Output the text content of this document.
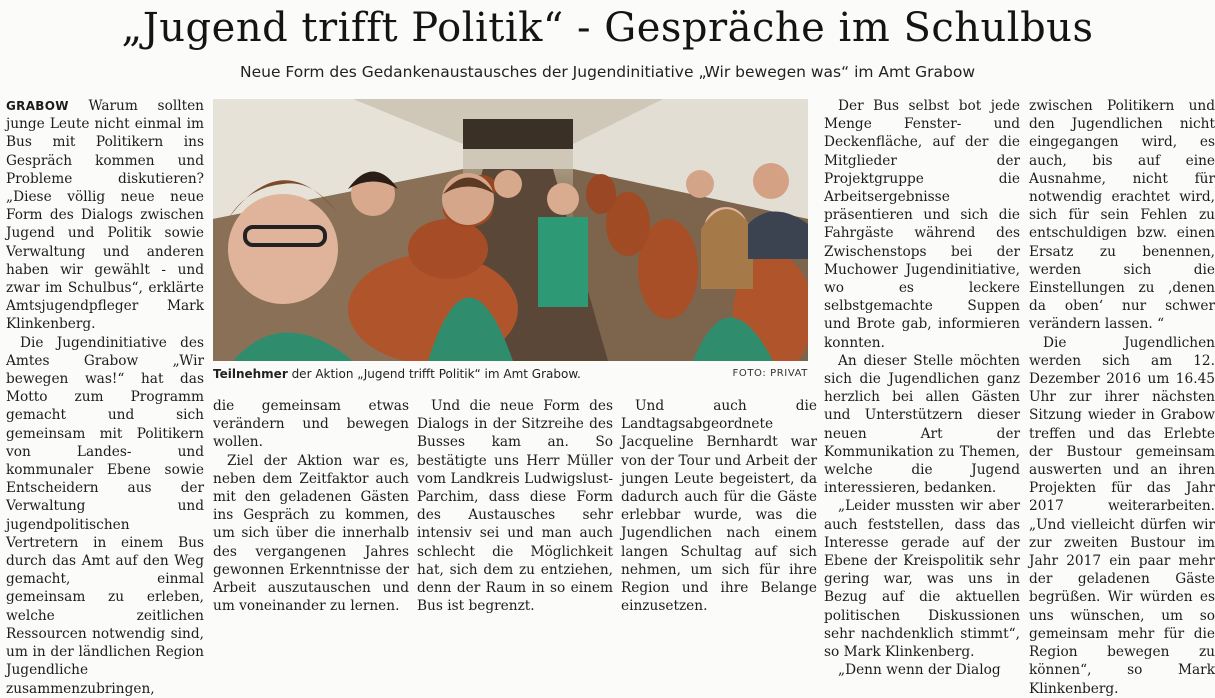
„Jugend trifft Politik“ - Gespräche im Schulbus
Neue Form des Gedankenaustausches der Jugendinitiative „Wir bewegen was“ im Amt Grabow

GRABOW Warum sollten junge Leute nicht einmal im Bus mit Politikern ins Gespräch kommen und Probleme diskutieren? „Diese völlig neue neue Form des Dialogs zwischen Jugend und Politik sowie Verwaltung und anderen haben wir gewählt - und zwar im Schulbus“, erklärte Amtsjugendpfleger Mark Klinkenberg.

Die Jugendinitiative des Amtes Grabow „Wir bewegen was!“ hat das Motto zum Programm gemacht und sich gemeinsam mit Politikern von Landes- und kommunaler Ebene sowie Entscheidern aus der Verwaltung und jugendpolitischen Vertretern in einem Bus durch das Amt auf den Weg gemacht, einmal gemeinsam zu erleben, welche zeitlichen Ressourcen notwendig sind, um in der ländlichen Region Jugendliche zusammenzubringen,

Teilnehmer der Aktion „Jugend trifft Politik“ im Amt Grabow.	FOTO: PRIVAT

die gemeinsam etwas verändern und bewegen wollen.

Ziel der Aktion war es, neben dem Zeitfaktor auch mit den geladenen Gästen ins Gespräch zu kommen, um sich über die innerhalb des vergangenen Jahres gewonnen Erkenntnisse der Arbeit auszutauschen und um voneinander zu lernen.

Und die neue Form des Dialogs in der Sitzreihe des Busses kam an. So bestätigte uns Herr Müller vom Landkreis Ludwigslust-Parchim, dass diese Form des Austausches sehr intensiv sei und man auch schlecht die Möglichkeit hat, sich dem zu entziehen, denn der Raum in so einem Bus ist begrenzt.

Und auch die Landtagsabgeordnete Jacqueline Bernhardt war von der Tour und Arbeit der jungen Leute begeistert, da dadurch auch für die Gäste erlebbar wurde, was die Jugendlichen nach einem langen Schultag auf sich nehmen, um sich für ihre Region und ihre Belange einzusetzen.

Der Bus selbst bot jede Menge Fenster- und Deckenfläche, auf der die Mitglieder der Projektgruppe die Arbeitsergebnisse präsentieren und sich die Fahrgäste während des Zwischenstops bei der Muchower Jugendinitiative, wo es leckere selbstgemachte Suppen und Brote gab, informieren konnten.

An dieser Stelle möchten sich die Jugendlichen ganz herzlich bei allen Gästen und Unterstützern dieser neuen Art der Kommunikation zu Themen, welche die Jugend interessieren, bedanken.

„Leider mussten wir aber auch feststellen, dass das Interesse gerade auf der Ebene der Kreispolitik sehr gering war, was uns in Bezug auf die aktuellen politischen Diskussionen sehr nachdenklich stimmt“, so Mark Klinkenberg.

„Denn wenn der Dialog

zwischen Politikern und den Jugendlichen nicht eingegangen wird, es auch, bis auf eine Ausnahme, nicht für notwendig erachtet wird, sich für sein Fehlen zu entschuldigen bzw. einen Ersatz zu benennen, werden sich die Einstellungen zu ‚denen da oben‘ nur schwer verändern lassen. “

Die Jugendlichen werden sich am 12. Dezember 2016 um 16.45 Uhr zur ihrer nächsten Sitzung wieder in Grabow treffen und das Erlebte der Bustour gemeinsam auswerten und an ihren Projekten für das Jahr 2017 weiterarbeiten. „Und vielleicht dürfen wir zur zweiten Bustour im Jahr 2017 ein paar mehr der geladenen Gäste begrüßen. Wir würden es uns wünschen, um so gemeinsam mehr für die Region bewegen zu können“, so Mark Klinkenberg.
